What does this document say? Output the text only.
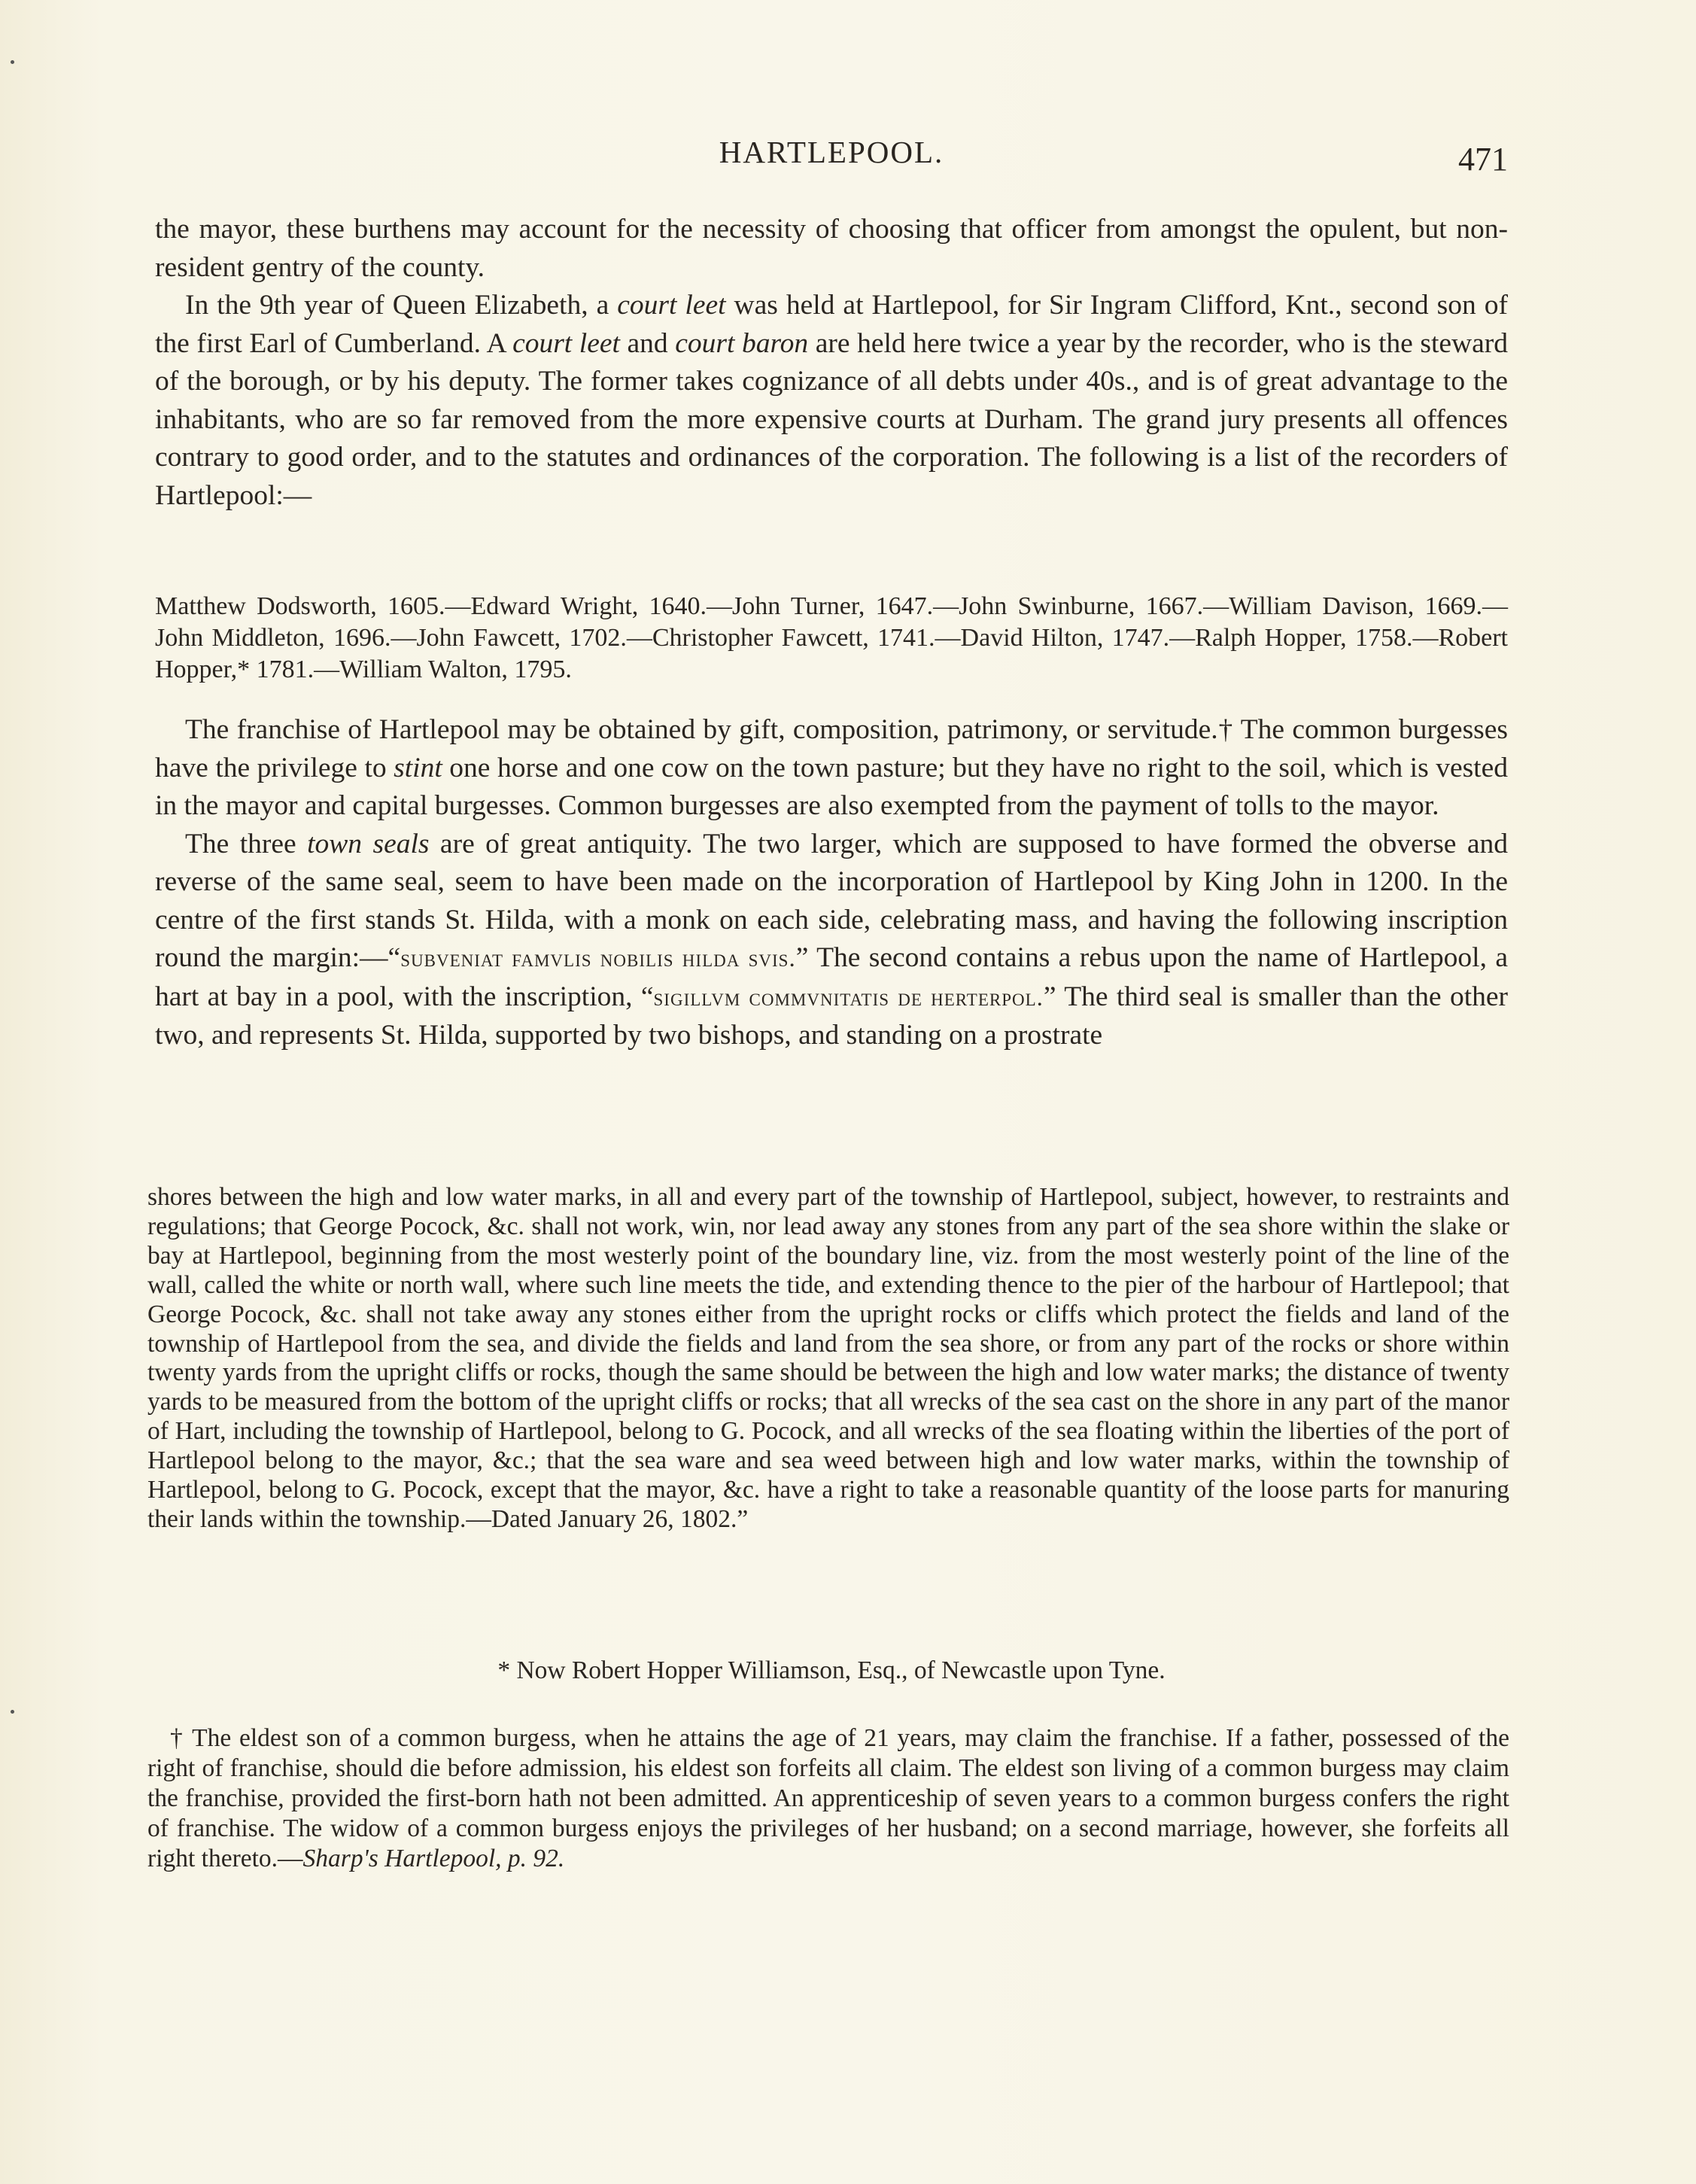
HARTLEPOOL.	471

the mayor, these burthens may account for the necessity of choosing that officer from amongst the opulent, but non-resident gentry of the county.

In the 9th year of Queen Elizabeth, a court leet was held at Hartlepool, for Sir Ingram Clifford, Knt., second son of the first Earl of Cumberland. A court leet and court baron are held here twice a year by the recorder, who is the steward of the borough, or by his deputy. The former takes cognizance of all debts under 40s., and is of great advantage to the inhabitants, who are so far removed from the more expensive courts at Durham. The grand jury presents all offences contrary to good order, and to the statutes and ordinances of the corporation. The following is a list of the recorders of Hartlepool:—

Matthew Dodsworth, 1605.—Edward Wright, 1640.—John Turner, 1647.—John Swinburne, 1667.—William Davison, 1669.—John Middleton, 1696.—John Fawcett, 1702.—Christopher Fawcett, 1741.—David Hilton, 1747.—Ralph Hopper, 1758.—Robert Hopper,* 1781.—William Walton, 1795.

The franchise of Hartlepool may be obtained by gift, composition, patrimony, or servitude.† The common burgesses have the privilege to stint one horse and one cow on the town pasture; but they have no right to the soil, which is vested in the mayor and capital burgesses. Common burgesses are also exempted from the payment of tolls to the mayor.

The three town seals are of great antiquity. The two larger, which are supposed to have formed the obverse and reverse of the same seal, seem to have been made on the incorporation of Hartlepool by King John in 1200. In the centre of the first stands St. Hilda, with a monk on each side, celebrating mass, and having the following inscription round the margin:—“subveniat famvlis nobilis hilda svis.” The second contains a rebus upon the name of Hartlepool, a hart at bay in a pool, with the inscription, “sigillvm commvnitatis de herterpol.” The third seal is smaller than the other two, and represents St. Hilda, supported by two bishops, and standing on a prostrate

shores between the high and low water marks, in all and every part of the township of Hartlepool, subject, however, to restraints and regulations; that George Pocock, &c. shall not work, win, nor lead away any stones from any part of the sea shore within the slake or bay at Hartlepool, beginning from the most westerly point of the boundary line, viz. from the most westerly point of the line of the wall, called the white or north wall, where such line meets the tide, and extending thence to the pier of the harbour of Hartlepool; that George Pocock, &c. shall not take away any stones either from the upright rocks or cliffs which protect the fields and land of the township of Hartlepool from the sea, and divide the fields and land from the sea shore, or from any part of the rocks or shore within twenty yards from the upright cliffs or rocks, though the same should be between the high and low water marks; the distance of twenty yards to be measured from the bottom of the upright cliffs or rocks; that all wrecks of the sea cast on the shore in any part of the manor of Hart, including the township of Hartlepool, belong to G. Pocock, and all wrecks of the sea floating within the liberties of the port of Hartlepool belong to the mayor, &c.; that the sea ware and sea weed between high and low water marks, within the township of Hartlepool, belong to G. Pocock, except that the mayor, &c. have a right to take a reasonable quantity of the loose parts for manuring their lands within the township.—Dated January 26, 1802.”

* Now Robert Hopper Williamson, Esq., of Newcastle upon Tyne.

† The eldest son of a common burgess, when he attains the age of 21 years, may claim the franchise. If a father, possessed of the right of franchise, should die before admission, his eldest son forfeits all claim. The eldest son living of a common burgess may claim the franchise, provided the first-born hath not been admitted. An apprenticeship of seven years to a common burgess confers the right of franchise. The widow of a common burgess enjoys the privileges of her husband; on a second marriage, however, she forfeits all right thereto.—Sharp's Hartlepool, p. 92.
